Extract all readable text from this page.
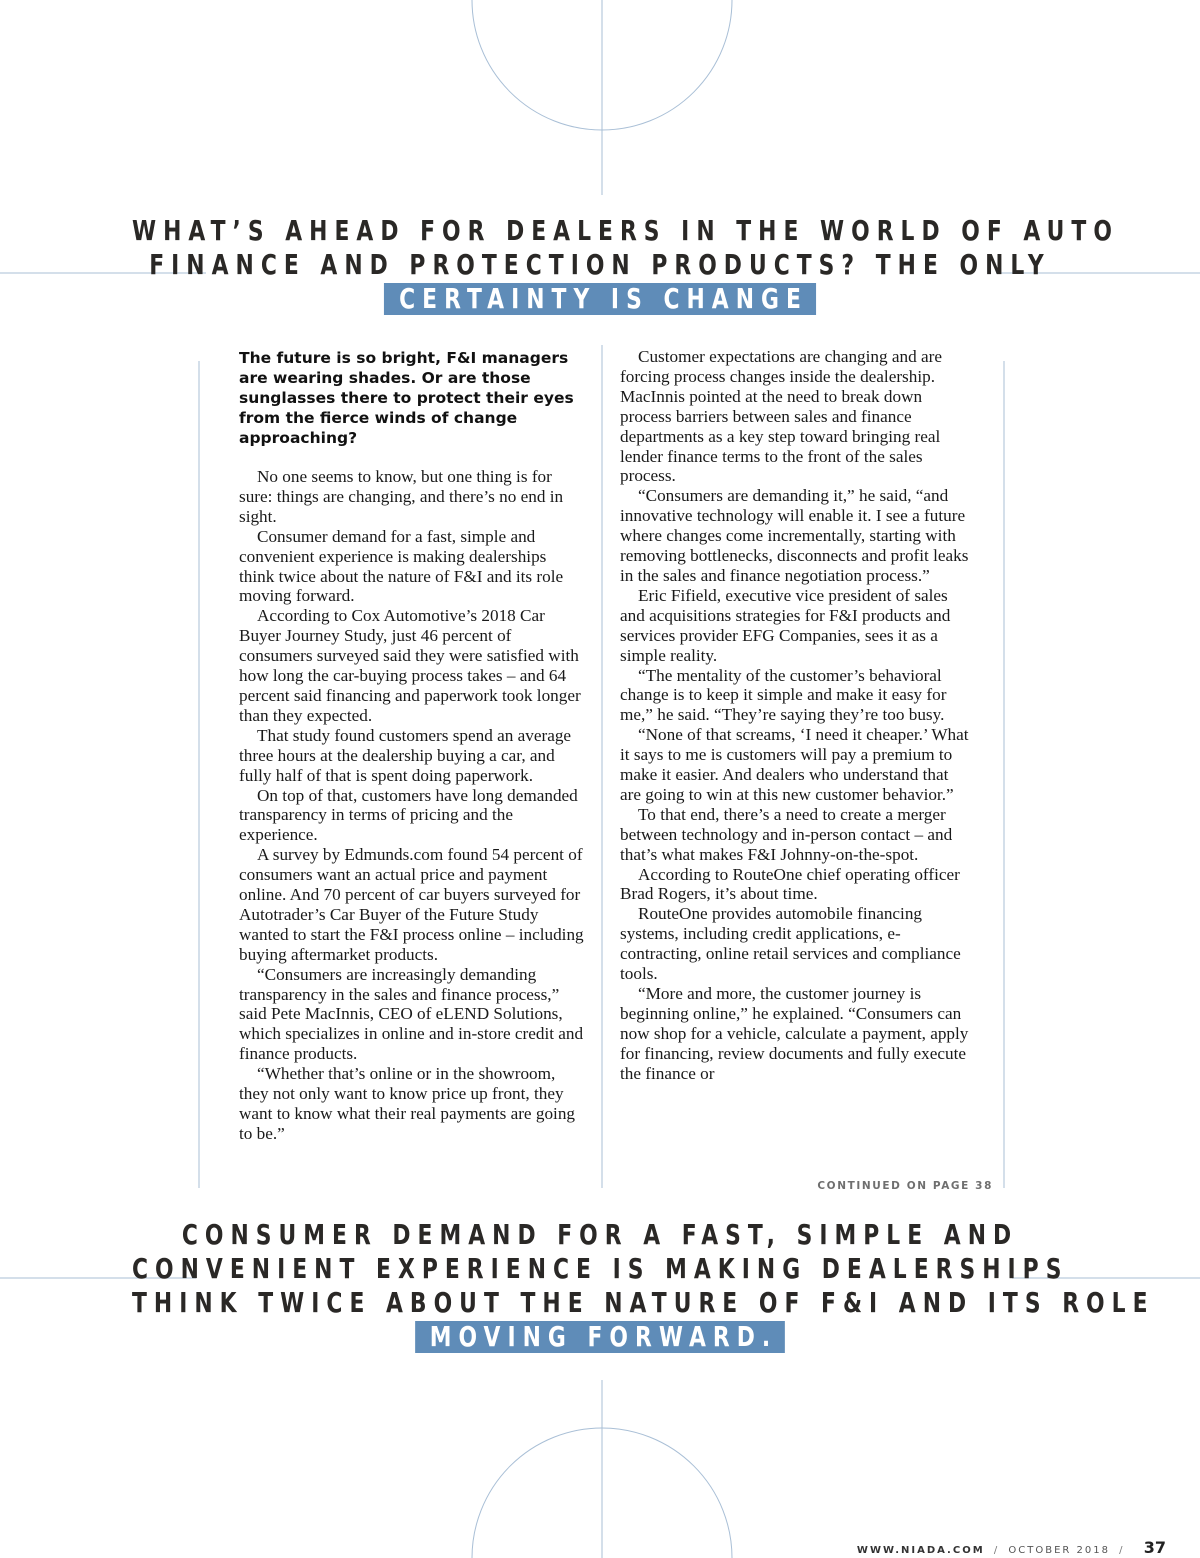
WHAT’S AHEAD FOR DEALERS IN THE WORLD OF AUTO
FINANCE AND PROTECTION PRODUCTS? THE ONLY
CERTAINTY IS CHANGE
The future is so bright, F&I managers are wearing shades. Or are those sunglasses there to protect their eyes from the fierce winds of change approaching?

No one seems to know, but one thing is for sure: things are changing, and there’s no end in sight.

Consumer demand for a fast, simple and convenient experience is making dealerships think twice about the nature of F&I and its role moving forward.

According to Cox Automotive’s 2018 Car Buyer Journey Study, just 46 percent of consumers surveyed said they were satisfied with how long the car-buying process takes – and 64 percent said financing and paperwork took longer than they expected.

That study found customers spend an average three hours at the dealership buying a car, and fully half of that is spent doing paperwork.

On top of that, customers have long demanded transparency in terms of pricing and the experience.

A survey by Edmunds.com found 54 percent of consumers want an actual price and payment online. And 70 percent of car buyers surveyed for Autotrader’s Car Buyer of the Future Study wanted to start the F&I process online – including buying aftermarket products.

“Consumers are increasingly demanding transparency in the sales and finance process,” said Pete MacInnis, CEO of eLEND Solutions, which specializes in online and in-store credit and finance products.

“Whether that’s online or in the showroom, they not only want to know price up front, they want to know what their real payments are going to be.”

Customer expectations are changing and are forcing process changes inside the dealership. MacInnis pointed at the need to break down process barriers between sales and finance departments as a key step toward bringing real lender finance terms to the front of the sales process.

“Consumers are demanding it,” he said, “and innovative technology will enable it. I see a future where changes come incrementally, starting with removing bottlenecks, disconnects and profit leaks in the sales and finance negotiation process.”

Eric Fifield, executive vice president of sales and acquisitions strategies for F&I products and services provider EFG Companies, sees it as a simple reality.

“The mentality of the customer’s behavioral change is to keep it simple and make it easy for me,” he said. “They’re saying they’re too busy.

“None of that screams, ‘I need it cheaper.’ What it says to me is customers will pay a premium to make it easier. And dealers who understand that are going to win at this new customer behavior.”

To that end, there’s a need to create a merger between technology and in-person contact – and that’s what makes F&I Johnny-on-the-spot.

According to RouteOne chief operating officer Brad Rogers, it’s about time.

RouteOne provides automobile financing systems, including credit applications, e-contracting, online retail services and compliance tools.

“More and more, the customer journey is beginning online,” he explained. “Consumers can now shop for a vehicle, calculate a payment, apply for financing, review documents and fully execute the finance or

CONTINUED ON PAGE 38
CONSUMER DEMAND FOR A FAST, SIMPLE AND
CONVENIENT EXPERIENCE IS MAKING DEALERSHIPS
THINK TWICE ABOUT THE NATURE OF F&I AND ITS ROLE
MOVING FORWARD.
WWW.NIADA.COM / OCTOBER 2018 / 37
